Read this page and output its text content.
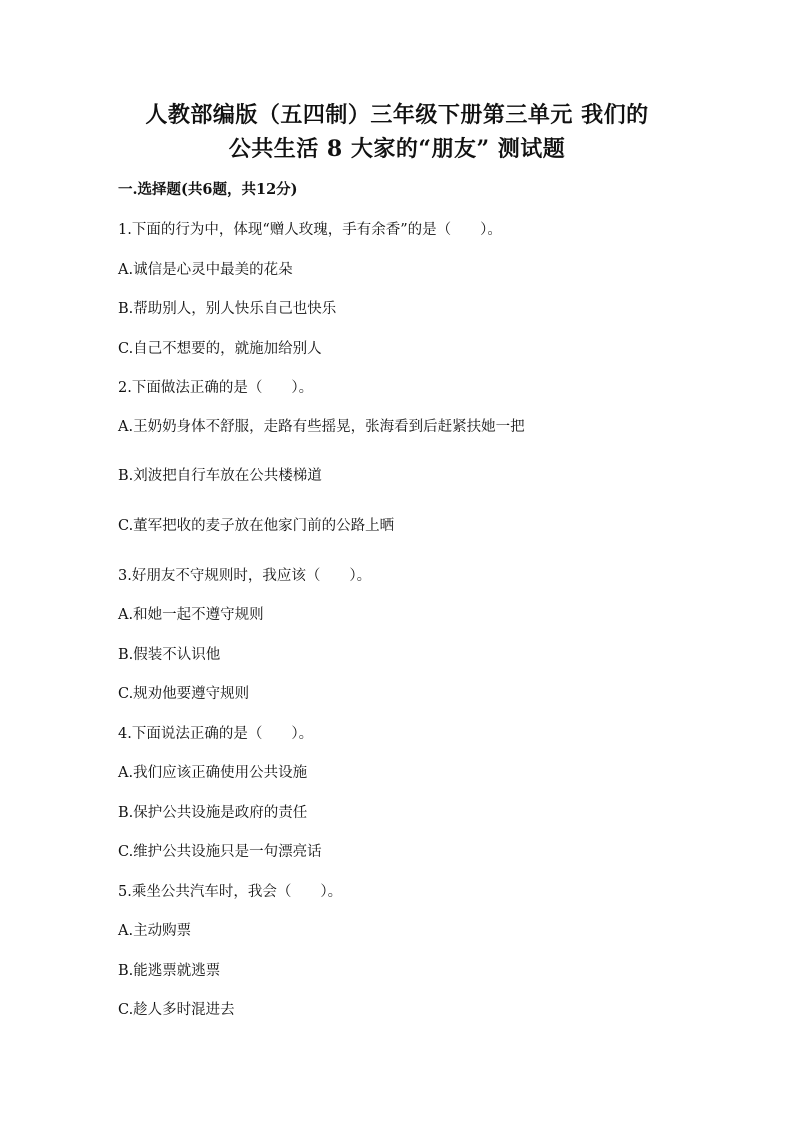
人教部编版（五四制）三年级下册第三单元 我们的
公共生活 8 大家的“朋友” 测试题
一.选择题(共6题，共12分)
1.下面的行为中，体现“赠人玫瑰，手有余香”的是（　　）。
A.诚信是心灵中最美的花朵
B.帮助别人，别人快乐自己也快乐
C.自己不想要的，就施加给别人
2.下面做法正确的是（　　）。
A.王奶奶身体不舒服，走路有些摇晃，张海看到后赶紧扶她一把
B.刘波把自行车放在公共楼梯道
C.董军把收的麦子放在他家门前的公路上晒
3.好朋友不守规则时，我应该（　　）。
A.和她一起不遵守规则
B.假装不认识他
C.规劝他要遵守规则
4.下面说法正确的是（　　）。
A.我们应该正确使用公共设施
B.保护公共设施是政府的责任
C.维护公共设施只是一句漂亮话
5.乘坐公共汽车时，我会（　　）。
A.主动购票
B.能逃票就逃票
C.趁人多时混进去
